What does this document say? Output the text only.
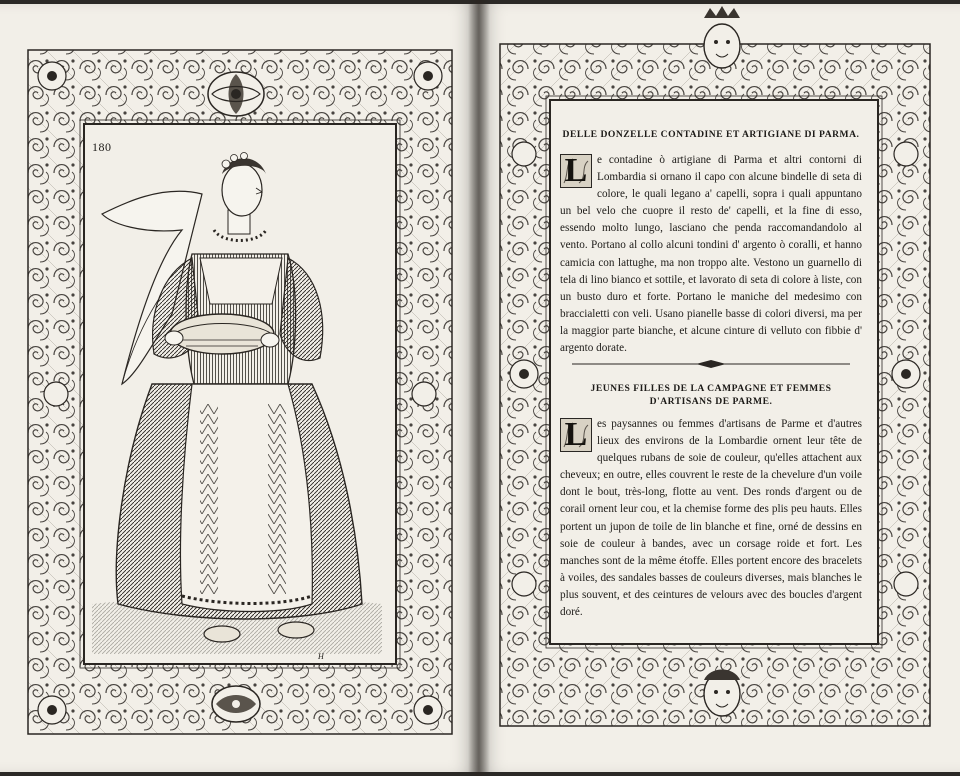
180
H
DELLE DONZELLE CONTADINE ET ARTIGIANE DI PARMA.

L e contadine ò artigiane di Parma et altri contorni di Lombardia si ornano il capo con alcune bindelle di seta di colore, le quali legano a' capelli, sopra i quali appuntano un bel velo che cuopre il resto de' capelli, et la fine di esso, essendo molto lungo, lasciano che penda raccomandandolo al vento. Portano al collo alcuni tondini d' argento ò coralli, et hanno camicia con lattughe, ma non troppo alte. Vestono un guarnello di tela di lino bianco et sottile, et lavorato di seta di colore à liste, con un busto duro et forte. Portano le maniche del medesimo con braccialetti con veli. Usano pianelle basse di colori diversi, ma per la maggior parte bianche, et alcune cinture di velluto con fibbie d' argento dorate.

JEUNES FILLES DE LA CAMPAGNE ET FEMMES D'ARTISANS DE PARME.

L es paysannes ou femmes d'artisans de Parme et d'autres lieux des environs de la Lombardie ornent leur tête de quelques rubans de soie de couleur, qu'elles attachent aux cheveux; en outre, elles couvrent le reste de la chevelure d'un voile dont le bout, très-long, flotte au vent. Des ronds d'argent ou de corail ornent leur cou, et la chemise forme des plis peu hauts. Elles portent un jupon de toile de lin blanche et fine, orné de dessins en soie de couleur à bandes, avec un corsage roide et fort. Les manches sont de la même étoffe. Elles portent encore des bracelets à voiles, des sandales basses de couleurs diverses, mais blanches le plus souvent, et des ceintures de velours avec des boucles d'argent doré.
